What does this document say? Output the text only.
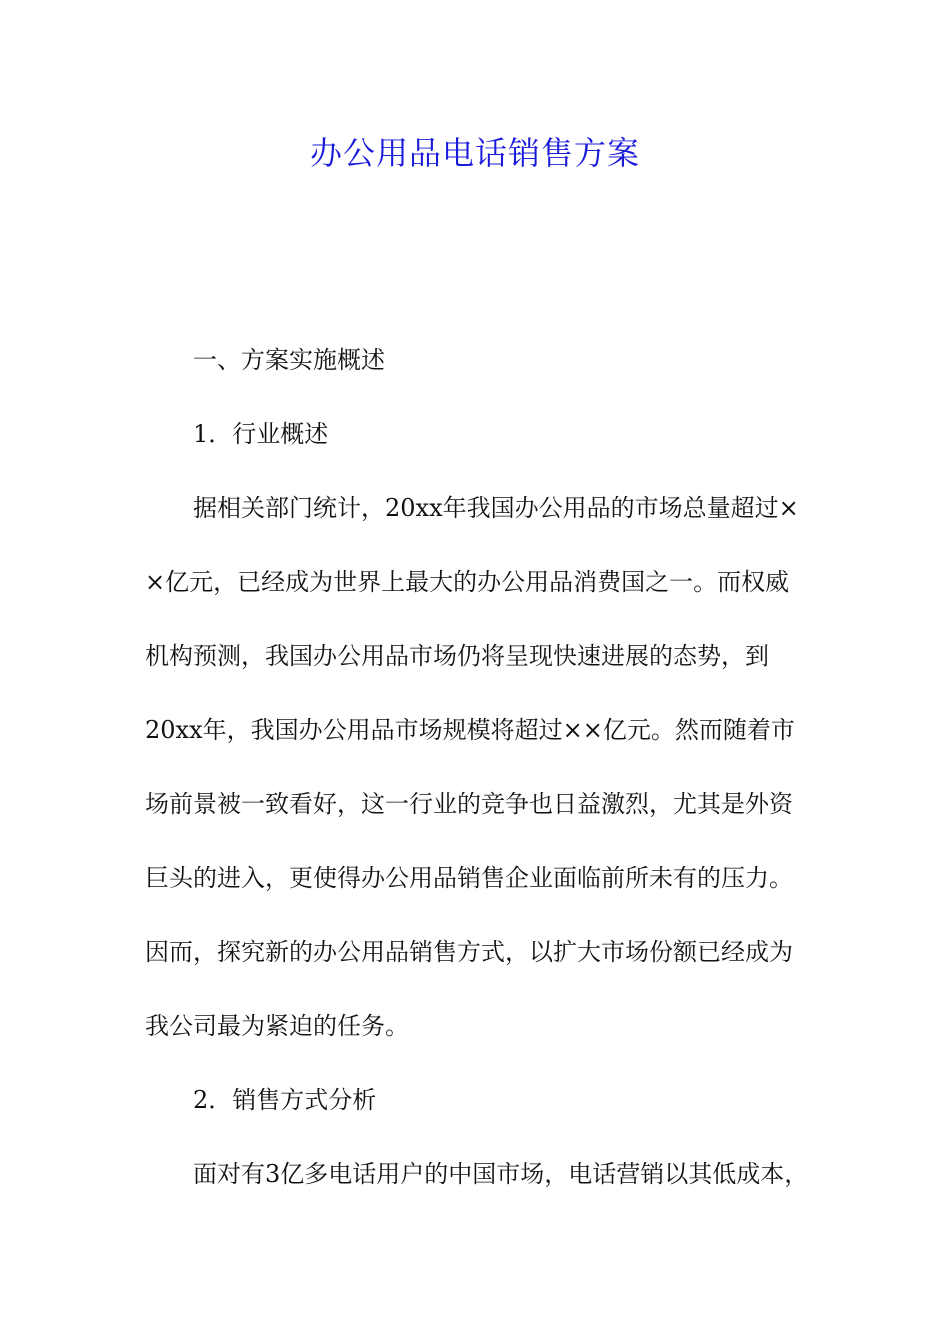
办公用品电话销售方案
一、方案实施概述
1．行业概述
据相关部门统计，20xx年我国办公用品的市场总量超过×
×亿元，已经成为世界上最大的办公用品消费国之一。而权威
机构预测，我国办公用品市场仍将呈现快速进展的态势，到
20xx年，我国办公用品市场规模将超过××亿元。然而随着市
场前景被一致看好，这一行业的竞争也日益激烈，尤其是外资
巨头的进入，更使得办公用品销售企业面临前所未有的压力。
因而，探究新的办公用品销售方式，以扩大市场份额已经成为
我公司最为紧迫的任务。
2．销售方式分析
面对有3亿多电话用户的中国市场，电话营销以其低成本，
